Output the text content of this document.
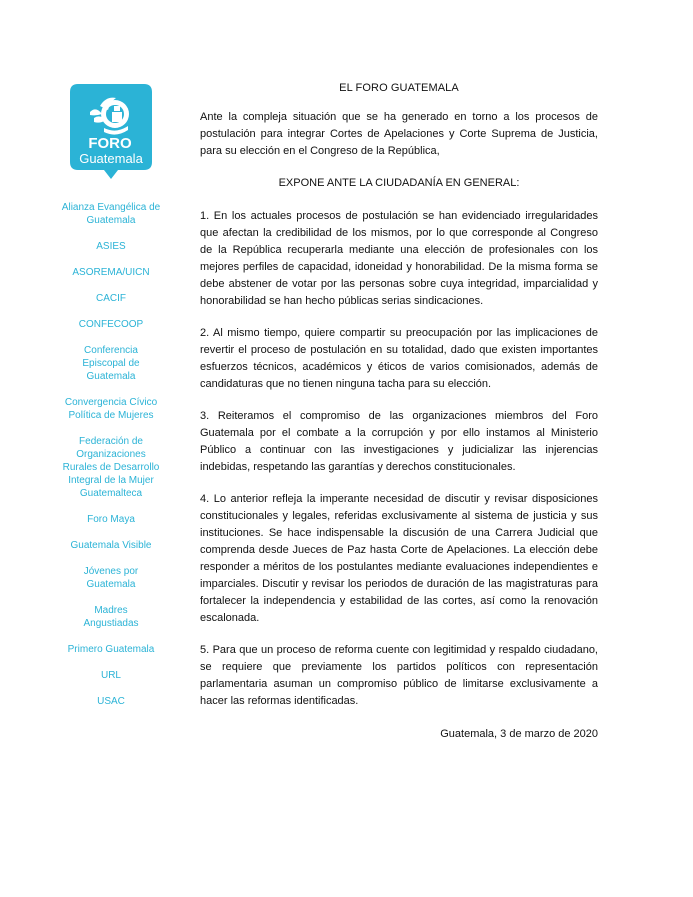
FORO
Guatemala
Alianza Evangélica de Guatemala
ASIES
ASOREMA/UICN
CACIF
CONFECOOP
Conferencia Episcopal de Guatemala
Convergencia Cívico Política de Mujeres
Federación de Organizaciones Rurales de Desarrollo Integral de la Mujer Guatemalteca
Foro Maya
Guatemala Visible
Jóvenes por Guatemala
Madres Angustiadas
Primero Guatemala
URL
USAC
EL FORO GUATEMALA
Ante la compleja situación que se ha generado en torno a los procesos de postulación para integrar Cortes de Apelaciones y Corte Suprema de Justicia, para su elección en el Congreso de la República,
EXPONE ANTE LA CIUDADANÍA EN GENERAL:
1. En los actuales procesos de postulación se han evidenciado irregularidades que afectan la credibilidad de los mismos, por lo que corresponde al Congreso de la República recuperarla mediante una elección de profesionales con los mejores perfiles de capacidad, idoneidad y honorabilidad. De la misma forma se debe abstener de votar por las personas sobre cuya integridad, imparcialidad y honorabilidad se han hecho públicas serias sindicaciones.
2. Al mismo tiempo, quiere compartir su preocupación por las implicaciones de revertir el proceso de postulación en su totalidad, dado que existen importantes esfuerzos técnicos, académicos y éticos de varios comisionados, además de candidaturas que no tienen ninguna tacha para su elección.
3. Reiteramos el compromiso de las organizaciones miembros del Foro Guatemala por el combate a la corrupción y por ello instamos al Ministerio Público a continuar con las investigaciones y judicializar las injerencias indebidas, respetando las garantías y derechos constitucionales.
4. Lo anterior refleja la imperante necesidad de discutir y revisar disposiciones constitucionales y legales, referidas exclusivamente al sistema de justicia y sus instituciones. Se hace indispensable la discusión de una Carrera Judicial que comprenda desde Jueces de Paz hasta Corte de Apelaciones. La elección debe responder a méritos de los postulantes mediante evaluaciones independientes e imparciales. Discutir y revisar los periodos de duración de las magistraturas para fortalecer la independencia y estabilidad de las cortes, así como la renovación escalonada.
5. Para que un proceso de reforma cuente con legitimidad y respaldo ciudadano, se requiere que previamente los partidos políticos con representación parlamentaria asuman un compromiso público de limitarse exclusivamente a hacer las reformas identificadas.
Guatemala, 3 de marzo de 2020
